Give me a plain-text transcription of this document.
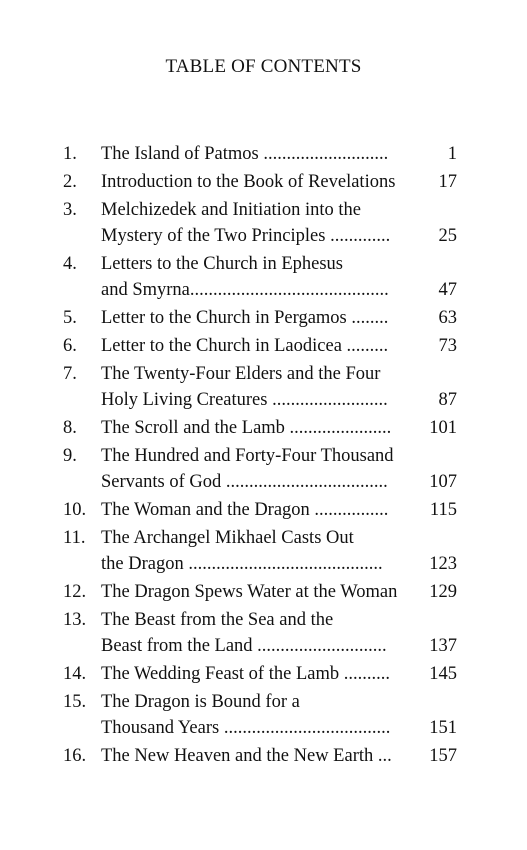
TABLE OF CONTENTS
1. The Island of Patmos ...........................	1
2. Introduction to the Book of Revelations	17
3. Melchizedek and Initiation into the
Mystery of the Two Principles .............	25
4. Letters to the Church in Ephesus
and Smyrna...........................................	47
5. Letter to the Church in Pergamos ........	63
6. Letter to the Church in Laodicea .........	73
7. The Twenty-Four Elders and the Four
Holy Living Creatures .........................	87
8. The Scroll and the Lamb ......................	101
9. The Hundred and Forty-Four Thousand
Servants of God ...................................	107
10. The Woman and the Dragon ................	115
11. The Archangel Mikhael Casts Out
the Dragon ..........................................	123
12. The Dragon Spews Water at the Woman	129
13. The Beast from the Sea and the
Beast from the Land ............................	137
14. The Wedding Feast of the Lamb ..........	145
15. The Dragon is Bound for a
Thousand Years ....................................	151
16. The New Heaven and the New Earth ...	157
